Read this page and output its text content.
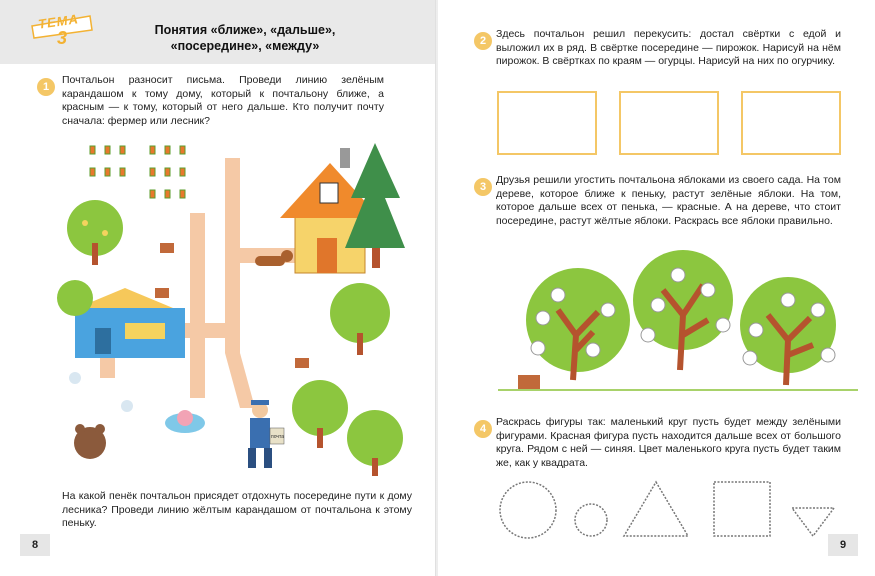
ТЕМА
3	Понятия «ближе», «дальше»,
«посередине», «между»
1
Почтальон разносит письма. Проведи линию зелёным карандашом к тому дому, который к почтальону ближе, а красным — к тому, который от него дальше. Кто получит почту сначала: фермер или лесник?
почта
На какой пенёк почтальон присядет отдохнуть посередине пути к дому лесника? Проведи линию жёлтым карандашом от почтальона к этому пеньку.
8
2
Здесь почтальон решил перекусить: достал свёртки с едой и выложил их в ряд. В свёртке посередине — пирожок. Нарисуй на нём пирожок. В свёртках по краям — огурцы. Нарисуй на них по огурчику.
3
Друзья решили угостить почтальона яблоками из своего сада. На том дереве, которое ближе к пеньку, растут зелёные яблоки. На том, которое дальше всех от пенька, — красные. А на дереве, что стоит посередине, растут жёлтые яблоки. Раскрась все яблоки правильно.
4
Раскрась фигуры так: маленький круг пусть будет между зелёными фигурами. Красная фигура пусть находится дальше всех от большого круга. Рядом с ней — синяя. Цвет маленького круга пусть будет таким же, как у квадрата.
9
